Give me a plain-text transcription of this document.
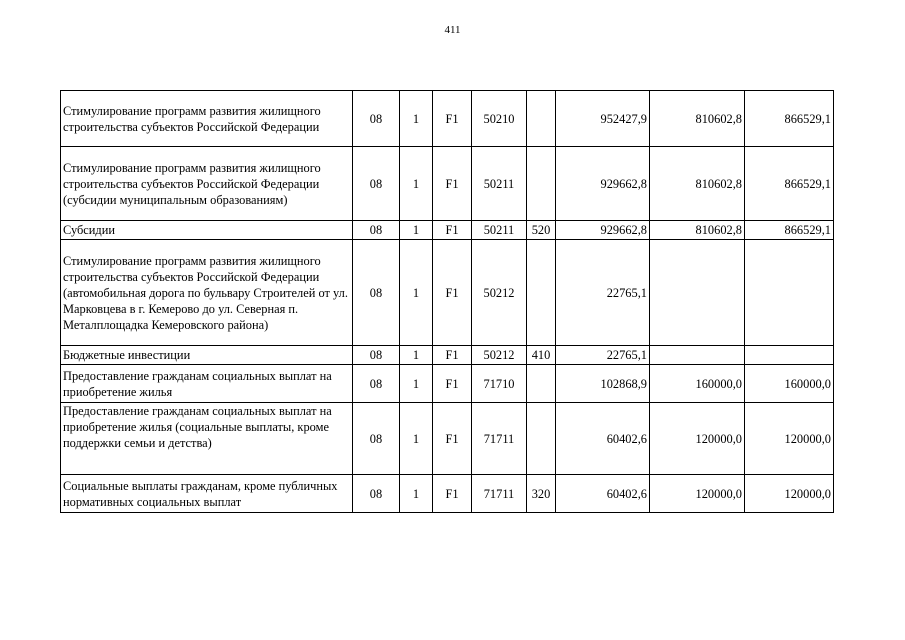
411
Стимулирование программ развития жилищного строительства субъектов Российской Федерации	08	1	F1	50210		952427,9	810602,8	866529,1
Стимулирование программ развития жилищного строительства субъектов Российской Федерации (субсидии муниципальным образованиям)	08	1	F1	50211		929662,8	810602,8	866529,1
Субсидии	08	1	F1	50211	520	929662,8	810602,8	866529,1
Стимулирование программ развития жилищного строительства субъектов Российской Федерации (автомобильная дорога по бульвару Строителей от ул. Марковцева в г. Кемерово до ул. Северная п. Металплощадка Кемеровского района)	08	1	F1	50212		22765,1		
Бюджетные инвестиции	08	1	F1	50212	410	22765,1		
Предоставление гражданам социальных выплат на приобретение жилья	08	1	F1	71710		102868,9	160000,0	160000,0
Предоставление гражданам социальных выплат на приобретение жилья (социальные выплаты, кроме поддержки семьи и детства)	08	1	F1	71711		60402,6	120000,0	120000,0
Социальные выплаты гражданам, кроме публичных нормативных социальных выплат	08	1	F1	71711	320	60402,6	120000,0	120000,0
